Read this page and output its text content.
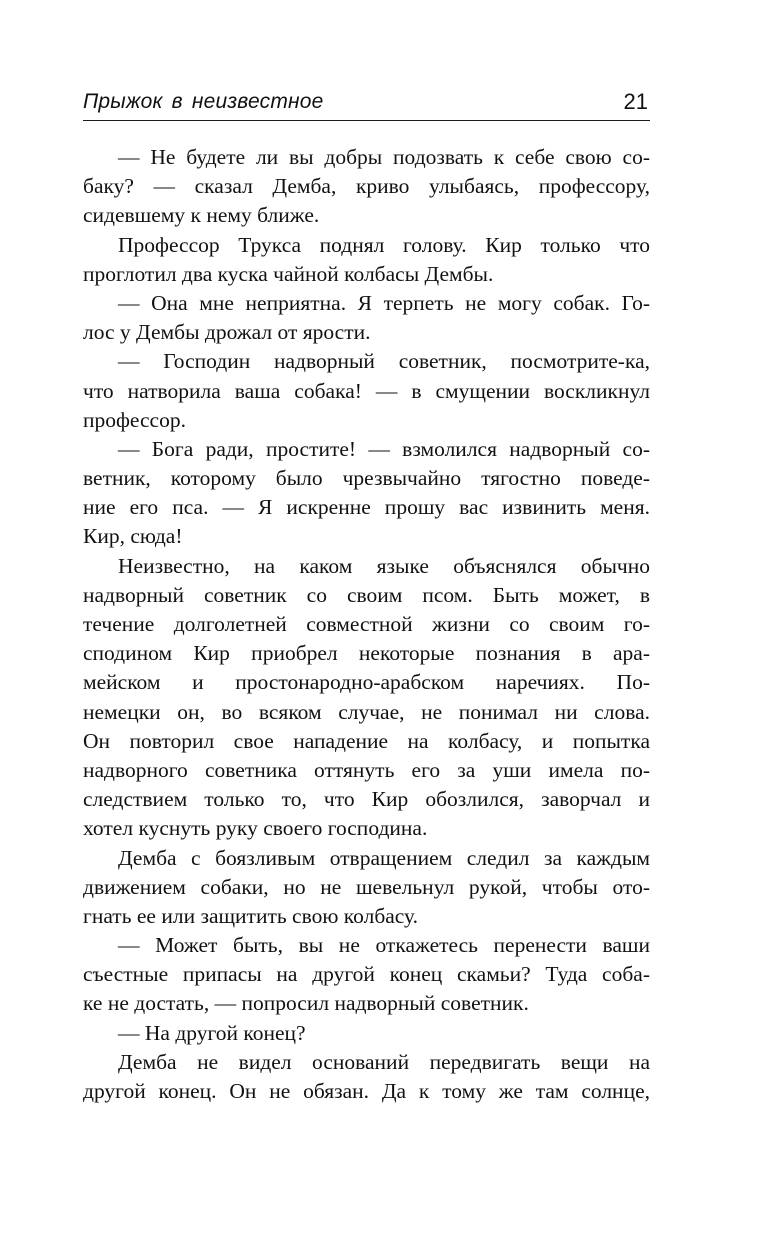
Прыжок в неизвестное	21
— Не будете ли вы добры подозвать к себе свою со-
баку? — сказал Демба, криво улыбаясь, профессору,
сидевшему к нему ближе.
Профессор Трукса поднял голову. Кир только что
проглотил два куска чайной колбасы Дембы.
— Она мне неприятна. Я терпеть не могу собак. Го-
лос у Дембы дрожал от ярости.
— Господин надворный советник, посмотрите-ка,
что натворила ваша собака! — в смущении воскликнул
профессор.
— Бога ради, простите! — взмолился надворный со-
ветник, которому было чрезвычайно тягостно поведе-
ние его пса. — Я искренне прошу вас извинить меня.
Кир, сюда!
Неизвестно, на каком языке объяснялся обычно
надворный советник со своим псом. Быть может, в
течение долголетней совместной жизни со своим го-
сподином Кир приобрел некоторые познания в ара-
мейском и простонародно-арабском наречиях. По-
немецки он, во всяком случае, не понимал ни слова.
Он повторил свое нападение на колбасу, и попытка
надворного советника оттянуть его за уши имела по-
следствием только то, что Кир обозлился, заворчал и
хотел куснуть руку своего господина.
Демба с боязливым отвращением следил за каждым
движением собаки, но не шевельнул рукой, чтобы ото-
гнать ее или защитить свою колбасу.
— Может быть, вы не откажетесь перенести ваши
съестные припасы на другой конец скамьи? Туда соба-
ке не достать, — попросил надворный советник.
— На другой конец?
Демба не видел оснований передвигать вещи на
другой конец. Он не обязан. Да к тому же там солнце,
